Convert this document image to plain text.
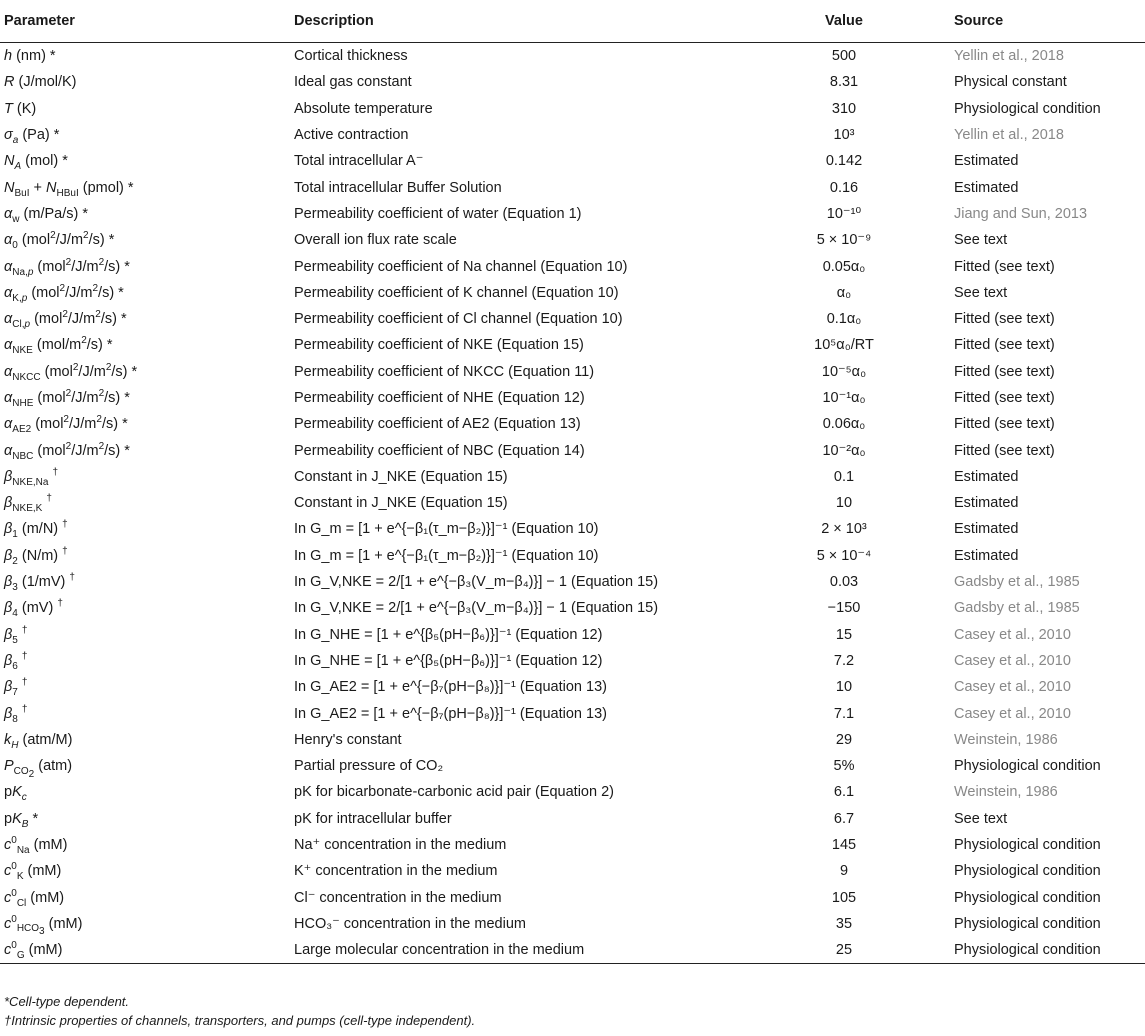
Parameter	Description	Value	Source
h (nm) *	Cortical thickness	500	Yellin et al., 2018
R (J/mol/K)	Ideal gas constant	8.31	Physical constant
T (K)	Absolute temperature	310	Physiological condition
$\sigma_a$ (Pa) *	Active contraction	10³	Yellin et al., 2018
$N_A$ (mol) *	Total intracellular A⁻	0.142	Estimated
$N_{BuI} + N_{HBuI}$ (pmol) *	Total intracellular Buffer Solution	0.16	Estimated
$\alpha_w$ (m/Pa/s) *	Permeability coefficient of water (Equation 1)	10⁻¹⁰	Jiang and Sun, 2013
$\alpha_0$ $(mol^2/J/m^2/s)$ *	Overall ion flux rate scale	5 × 10⁻⁹	See text
$\alpha_{Na,p}$ $(mol^2/J/m^2/s)$ *	Permeability coefficient of Na channel (Equation 10)	0.05α₀	Fitted (see text)
$\alpha_{K,p}$ $(mol^2/J/m^2/s)$ *	Permeability coefficient of K channel (Equation 10)	α₀	See text
$\alpha_{Cl,p}$ $(mol^2/J/m^2/s)$ *	Permeability coefficient of Cl channel (Equation 10)	0.1α₀	Fitted (see text)
$\alpha_{NKE}$ $(mol/m^2/s)$ *	Permeability coefficient of NKE (Equation 15)	10⁵α₀/RT	Fitted (see text)
$\alpha_{NKCC}$ $(mol^2/J/m^2/s)$ *	Permeability coefficient of NKCC (Equation 11)	10⁻⁵α₀	Fitted (see text)
$\alpha_{NHE}$ $(mol^2/J/m^2/s)$ *	Permeability coefficient of NHE (Equation 12)	10⁻¹α₀	Fitted (see text)
$\alpha_{AE2}$ $(mol^2/J/m^2/s)$ *	Permeability coefficient of AE2 (Equation 13)	0.06α₀	Fitted (see text)
$\alpha_{NBC}$ $(mol^2/J/m^2/s)$ *	Permeability coefficient of NBC (Equation 14)	10⁻²α₀	Fitted (see text)
$\beta_{NKE,Na}$ †	Constant in J_NKE (Equation 15)	0.1	Estimated
$\beta_{NKE,K}$ †	Constant in J_NKE (Equation 15)	10	Estimated
$\beta_1$ (m/N) †	In G_m = [1 + e^{−β₁(τ_m−β₂)}]⁻¹ (Equation 10)	2 × 10³	Estimated
$\beta_2$ (N/m) †	In G_m = [1 + e^{−β₁(τ_m−β₂)}]⁻¹ (Equation 10)	5 × 10⁻⁴	Estimated
$\beta_3$ (1/mV) †	In G_V,NKE = 2/[1 + e^{−β₃(V_m−β₄)}] − 1 (Equation 15)	0.03	Gadsby et al., 1985
$\beta_4$ (mV) †	In G_V,NKE = 2/[1 + e^{−β₃(V_m−β₄)}] − 1 (Equation 15)	−150	Gadsby et al., 1985
$\beta_5$ †	In G_NHE = [1 + e^{β₅(pH−β₆)}]⁻¹ (Equation 12)	15	Casey et al., 2010
$\beta_6$ †	In G_NHE = [1 + e^{β₅(pH−β₆)}]⁻¹ (Equation 12)	7.2	Casey et al., 2010
$\beta_7$ †	In G_AE2 = [1 + e^{−β₇(pH−β₈)}]⁻¹ (Equation 13)	10	Casey et al., 2010
$\beta_8$ †	In G_AE2 = [1 + e^{−β₇(pH−β₈)}]⁻¹ (Equation 13)	7.1	Casey et al., 2010
$k_H$ (atm/M)	Henry's constant	29	Weinstein, 1986
$P_{CO_2}$ (atm)	Partial pressure of CO₂	5%	Physiological condition
$pK_c$	pK for bicarbonate-carbonic acid pair (Equation 2)	6.1	Weinstein, 1986
$pK_B$ *	pK for intracellular buffer	6.7	See text
$c^0_{Na}$ (mM)	Na⁺ concentration in the medium	145	Physiological condition
$c^0_K$ (mM)	K⁺ concentration in the medium	9	Physiological condition
$c^0_{Cl}$ (mM)	Cl⁻ concentration in the medium	105	Physiological condition
$c^0_{HCO_3}$ (mM)	HCO₃⁻ concentration in the medium	35	Physiological condition
$c^0_G$ (mM)	Large molecular concentration in the medium	25	Physiological condition

*Cell-type dependent.

†Intrinsic properties of channels, transporters, and pumps (cell-type independent).
